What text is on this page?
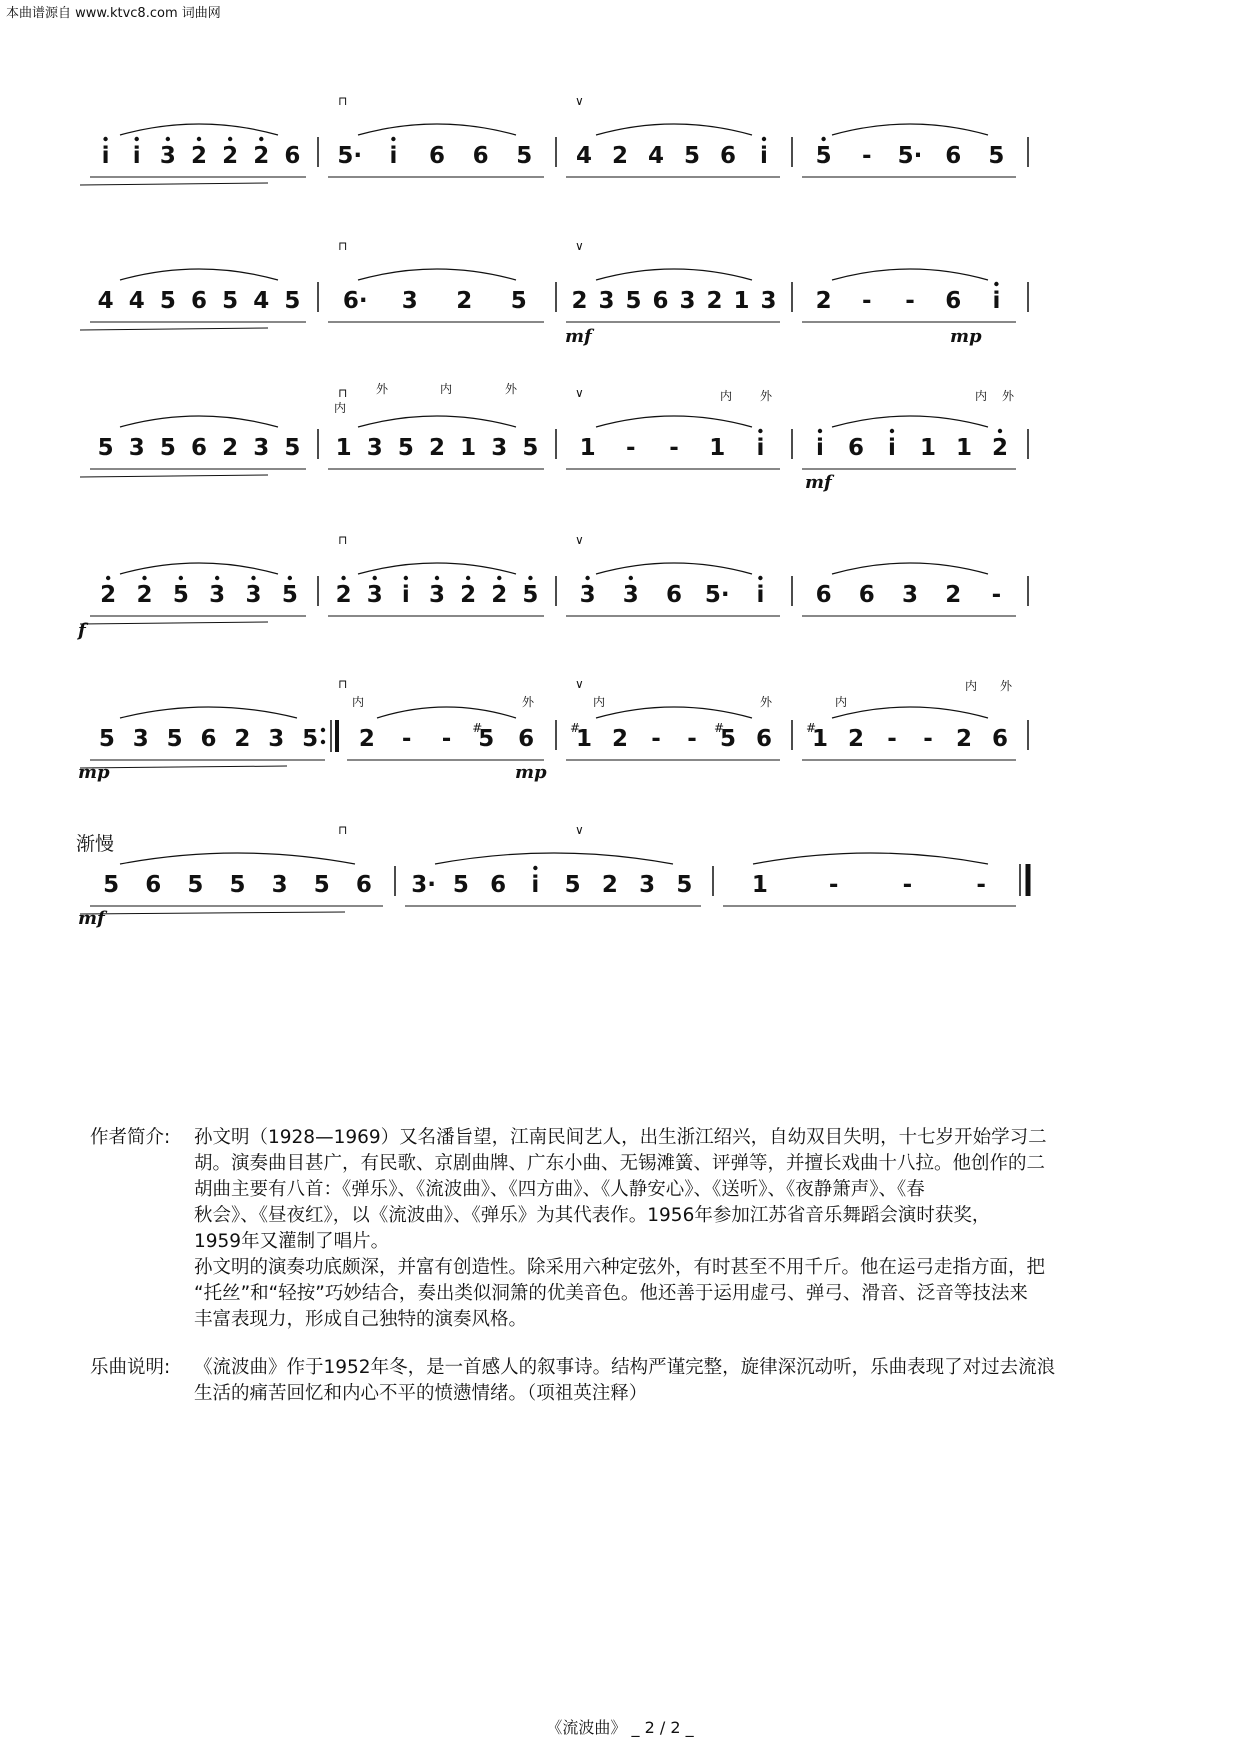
本曲谱源自 www.ktvc8.com 词曲网
i i 3 2 2 2 6 5· i 6 6 5 4 2 4 5 6 i 5 - 5· 6 5
⊓	∨
4 4 5 6 5 4 5 6· 3 2 5 2 3 5 6 3 2 1 3 2 - - 6 i
⊓	∨
5 3 5 6 2 3 5 1 3 5 2 1 3 5 1 - - 1 i i 6 i 1 1 2
⊓	∨
2 2 5 3 3 5 2 3 i 3 2 2 5 3 3 6 5· i 6 6 3 2 -
⊓	∨
5 3 5 6 2 3 5 2 - - #
5 6	#
1 2 - - #
5 6	#
1 2 - - 2 6
⊓	∨
5 6 5 5 3 5 6 3· 5 6 i 5 2 3 5	1	-	-	-
⊓	∨
mf	mp
mf
f
mp	mp
mf
渐慢
外	内	外	内 外	内 外
内	外	内	外	内
内 外
内
作者简介:	孙文明（1928—1969）又名潘旨望，江南民间艺人，出生浙江绍兴，自幼双目失明，十七岁开始学习二

胡。演奏曲目甚广，有民歌、京剧曲牌、广东小曲、无锡滩簧、评弹等，并擅长戏曲十八拉。他创作的二

胡曲主要有八首：《弹乐》、《流波曲》、《四方曲》、《人静安心》、《送听》、《夜静箫声》、《春

秋会》、《昼夜红》，以《流波曲》、《弹乐》为其代表作。1956年参加江苏省音乐舞蹈会演时获奖，

1959年又灌制了唱片。

孙文明的演奏功底颇深，并富有创造性。除采用六种定弦外，有时甚至不用千斤。他在运弓走指方面，把

“托丝”和“轻按”巧妙结合，奏出类似洞箫的优美音色。他还善于运用虚弓、弹弓、滑音、泛音等技法来

丰富表现力，形成自己独特的演奏风格。

乐曲说明:	《流波曲》作于1952年冬，是一首感人的叙事诗。结构严谨完整，旋律深沉动听，乐曲表现了对过去流浪

生活的痛苦回忆和内心不平的愤懑情绪。（项祖英注释）

《流波曲》 _ 2 / 2 _
